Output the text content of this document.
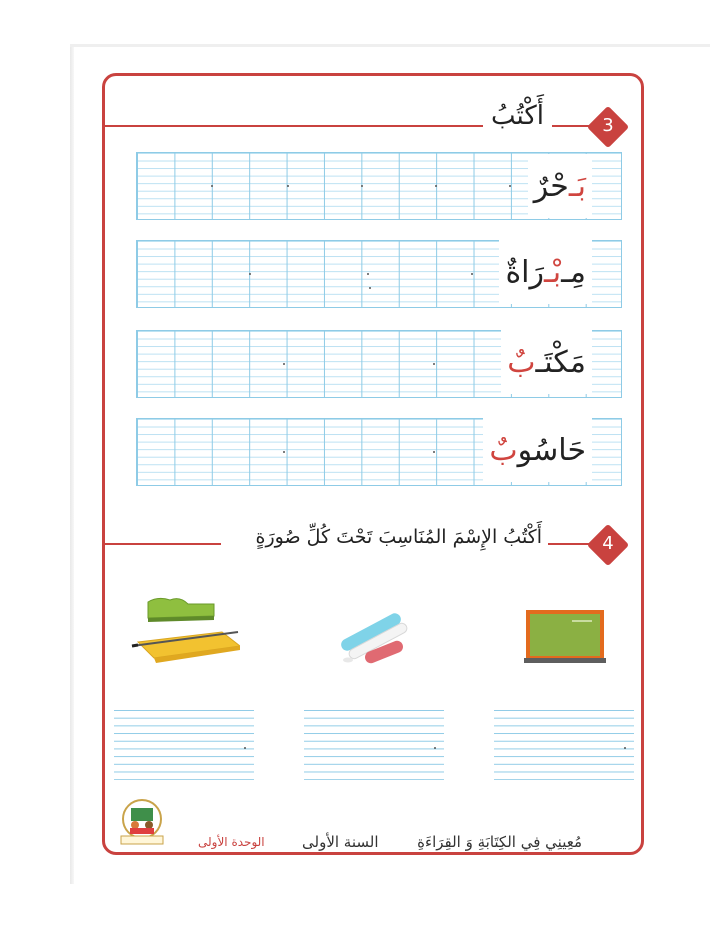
3
أَكْتُبُ
بَـ
حْرٌ
مِـ
بْـ
رَاةٌ
مَكْتَـ
بٌ
حَاسُو
بٌ
4
أَكْتُبُ الإِسْمَ المُنَاسِبَ تَحْتَ كُلِّ صُورَةٍ
مُعِينِي فِي الكِتَابَةِ وَ القِرَاءَةِ
السنة الأولى
الوحدة الأولى
